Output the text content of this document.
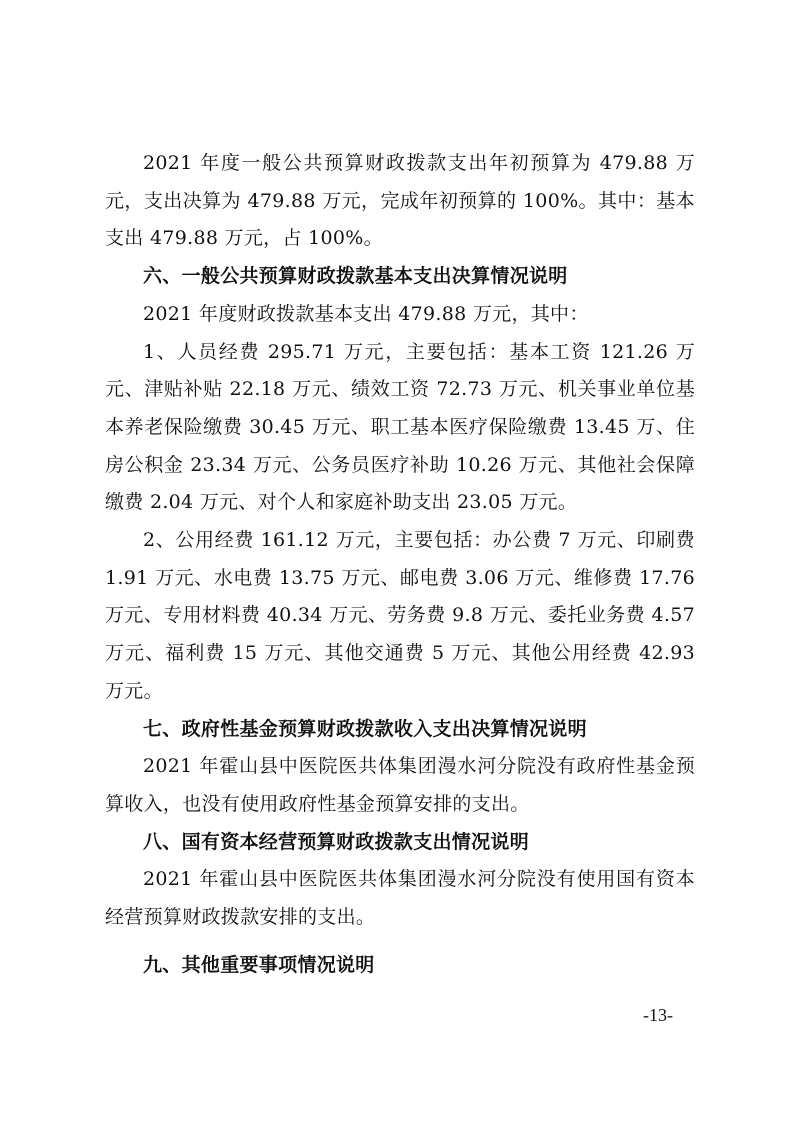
2021 年度一般公共预算财政拨款支出年初预算为 479.88 万元，支出决算为 479.88 万元，完成年初预算的 100%。其中：基本支出 479.88 万元，占 100%。

六、一般公共预算财政拨款基本支出决算情况说明

2021 年度财政拨款基本支出 479.88 万元，其中：

1、人员经费 295.71 万元，主要包括：基本工资 121.26 万元、津贴补贴 22.18 万元、绩效工资 72.73 万元、机关事业单位基本养老保险缴费 30.45 万元、职工基本医疗保险缴费 13.45 万、住房公积金 23.34 万元、公务员医疗补助 10.26 万元、其他社会保障缴费 2.04 万元、对个人和家庭补助支出 23.05 万元。

2、公用经费 161.12 万元，主要包括：办公费 7 万元、印刷费 1.91 万元、水电费 13.75 万元、邮电费 3.06 万元、维修费 17.76 万元、专用材料费 40.34 万元、劳务费 9.8 万元、委托业务费 4.57 万元、福利费 15 万元、其他交通费 5 万元、其他公用经费 42.93 万元。

七、政府性基金预算财政拨款收入支出决算情况说明

2021 年霍山县中医院医共体集团漫水河分院没有政府性基金预算收入，也没有使用政府性基金预算安排的支出。

八、国有资本经营预算财政拨款支出情况说明

2021 年霍山县中医院医共体集团漫水河分院没有使用国有资本经营预算财政拨款安排的支出。

九、其他重要事项情况说明

-13-
